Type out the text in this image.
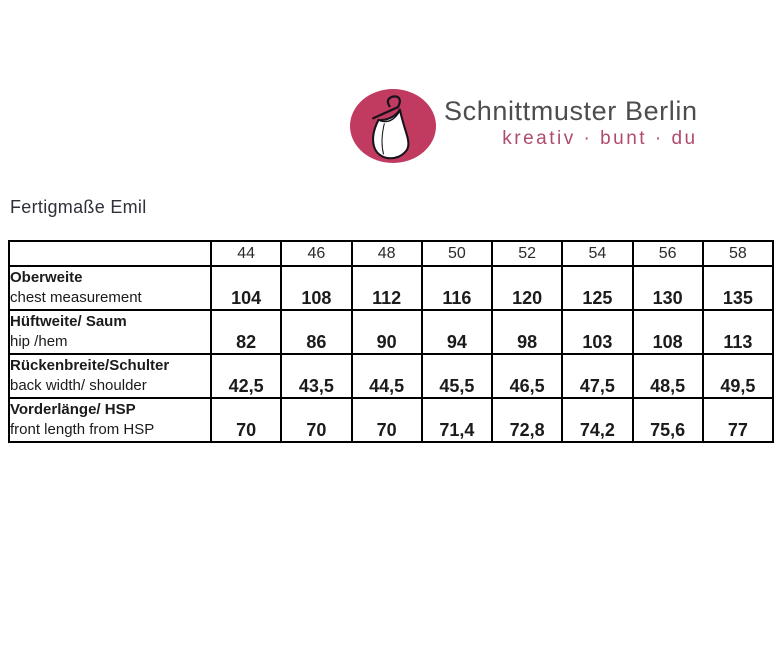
Schnittmuster Berlin
kreativ · bunt · du
Fertigmaße Emil
	44	46	48	50	52	54	56	58

Oberweite
chest measurement	104	108	112	116	120	125	130	135

Hüftweite/ Saum
hip /hem	82	86	90	94	98	103	108	113

Rückenbreite/Schulter
back width/ shoulder	42,5	43,5	44,5	45,5	46,5	47,5	48,5	49,5

Vorderlänge/ HSP
front length from HSP	70	70	70	71,4	72,8	74,2	75,6	77
